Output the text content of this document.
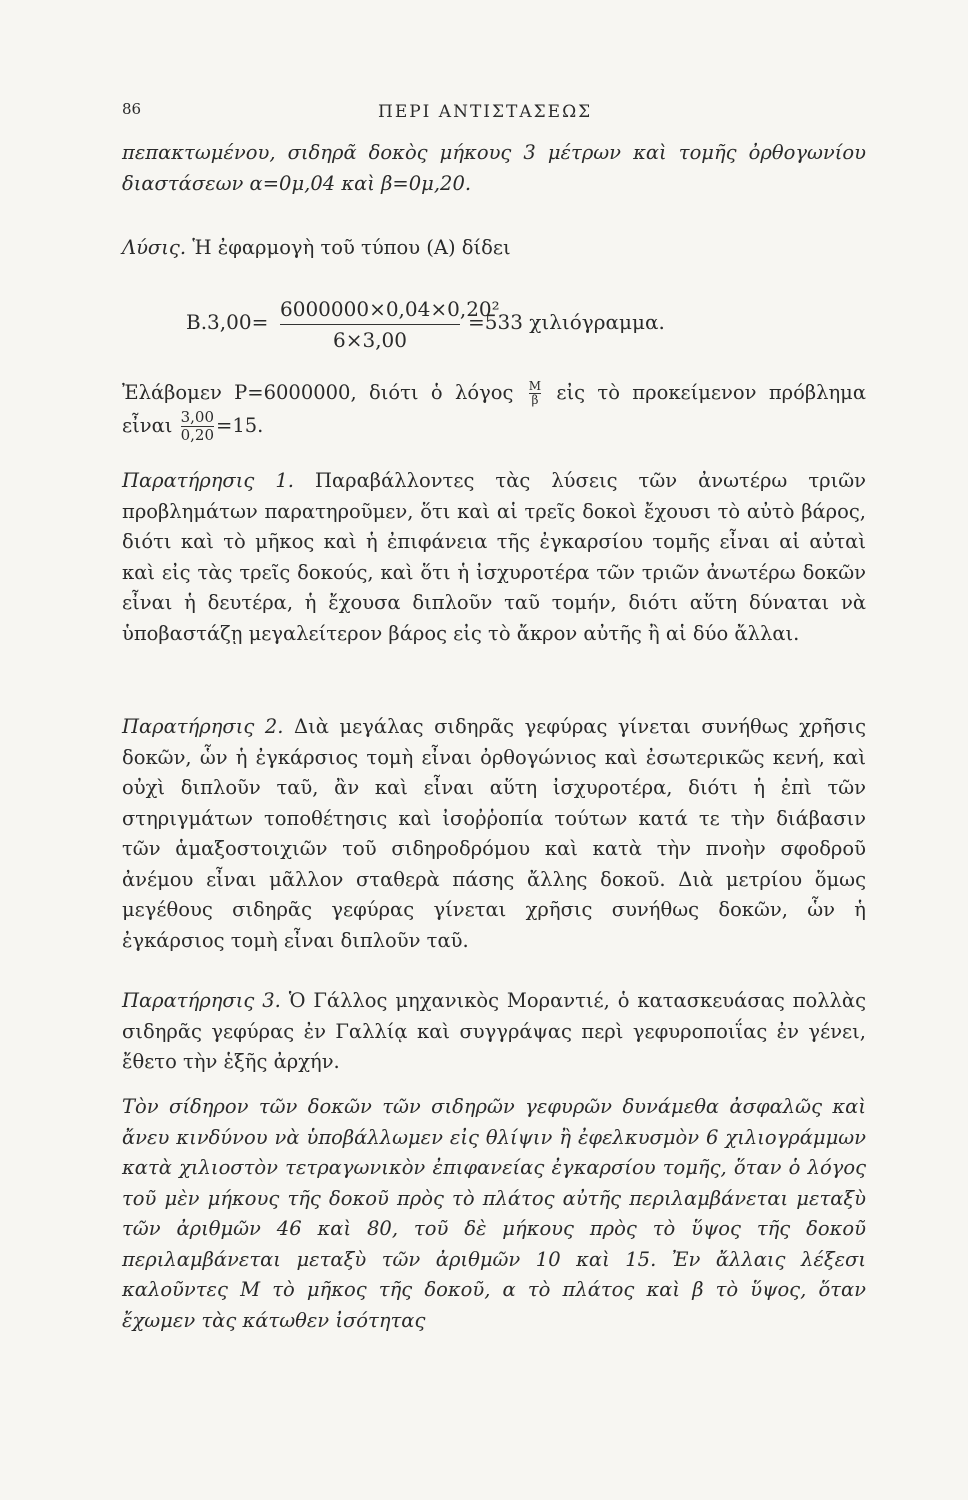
86	ΠΕΡΙ ΑΝΤΙΣΤΑΣΕΩΣ

πεπακτωμένου, σιδηρᾶ δοκὸς μήκους 3 μέτρων καὶ τομῆς ὀρθογωνίου διαστάσεων α=0μ,04 καὶ β=0μ,20.

Λύσις. Ἡ ἐφαρμογὴ τοῦ τύπου (Α) δίδει

B.3,00=
6000000×0,04×0,20²
6×3,00
=533 χιλιόγραμμα.

Ἐλάβομεν P=6000000, διότι ὁ λόγος $\frac{M}{\beta}$ εἰς τὸ προκείμενον πρόβλημα εἶναι $\frac{3,00}{0,20} =15$.

Παρατήρησις 1. Παραβάλλοντες τὰς λύσεις τῶν ἀνωτέρω τριῶν προβλημάτων παρατηροῦμεν, ὅτι καὶ αἱ τρεῖς δοκοὶ ἔχουσι τὸ αὐτὸ βάρος, διότι καὶ τὸ μῆκος καὶ ἡ ἐπιφάνεια τῆς ἐγκαρσίου τομῆς εἶναι αἱ αὐταὶ καὶ εἰς τὰς τρεῖς δοκούς, καὶ ὅτι ἡ ἰσχυροτέρα τῶν τριῶν ἀνωτέρω δοκῶν εἶναι ἡ δευτέρα, ἡ ἔχουσα διπλοῦν ταῦ τομήν, διότι αὕτη δύναται νὰ ὑποβαστάζῃ μεγαλείτερον βάρος εἰς τὸ ἄκρον αὐτῆς ἢ αἱ δύο ἄλλαι.

Παρατήρησις 2. Διὰ μεγάλας σιδηρᾶς γεφύρας γίνεται συνήθως χρῆσις δοκῶν, ὧν ἡ ἐγκάρσιος τομὴ εἶναι ὀρθογώνιος καὶ ἐσωτερικῶς κενή, καὶ οὐχὶ διπλοῦν ταῦ, ἂν καὶ εἶναι αὕτη ἰσχυροτέρα, διότι ἡ ἐπὶ τῶν στηριγμάτων τοποθέτησις καὶ ἰσοῤῥοπία τούτων κατά τε τὴν διάβασιν τῶν ἁμαξοστοιχιῶν τοῦ σιδηροδρόμου καὶ κατὰ τὴν πνοὴν σφοδροῦ ἀνέμου εἶναι μᾶλλον σταθερὰ πάσης ἄλλης δοκοῦ. Διὰ μετρίου ὅμως μεγέθους σιδηρᾶς γεφύρας γίνεται χρῆσις συνήθως δοκῶν, ὧν ἡ ἐγκάρσιος τομὴ εἶναι διπλοῦν ταῦ.

Παρατήρησις 3. Ὁ Γάλλος μηχανικὸς Μοραντιέ, ὁ κατασκευάσας πολλὰς σιδηρᾶς γεφύρας ἐν Γαλλίᾳ καὶ συγγράψας περὶ γεφυροποιΐας ἐν γένει, ἔθετο τὴν ἑξῆς ἀρχήν.

Τὸν σίδηρον τῶν δοκῶν τῶν σιδηρῶν γεφυρῶν δυνάμεθα ἀσφαλῶς καὶ ἄνευ κινδύνου νὰ ὑποβάλλωμεν εἰς θλίψιν ἢ ἐφελκυσμὸν 6 χιλιογράμμων κατὰ χιλιοστὸν τετραγωνικὸν ἐπιφανείας ἐγκαρσίου τομῆς, ὅταν ὁ λόγος τοῦ μὲν μήκους τῆς δοκοῦ πρὸς τὸ πλάτος αὐτῆς περιλαμβάνεται μεταξὺ τῶν ἀριθμῶν 46 καὶ 80, τοῦ δὲ μήκους πρὸς τὸ ὕψος τῆς δοκοῦ περιλαμβάνεται μεταξὺ τῶν ἀριθμῶν 10 καὶ 15. Ἐν ἄλλαις λέξεσι καλοῦντες Μ τὸ μῆκος τῆς δοκοῦ, α τὸ πλάτος καὶ β τὸ ὕψος, ὅταν ἔχωμεν τὰς κάτωθεν ἰσότητας
